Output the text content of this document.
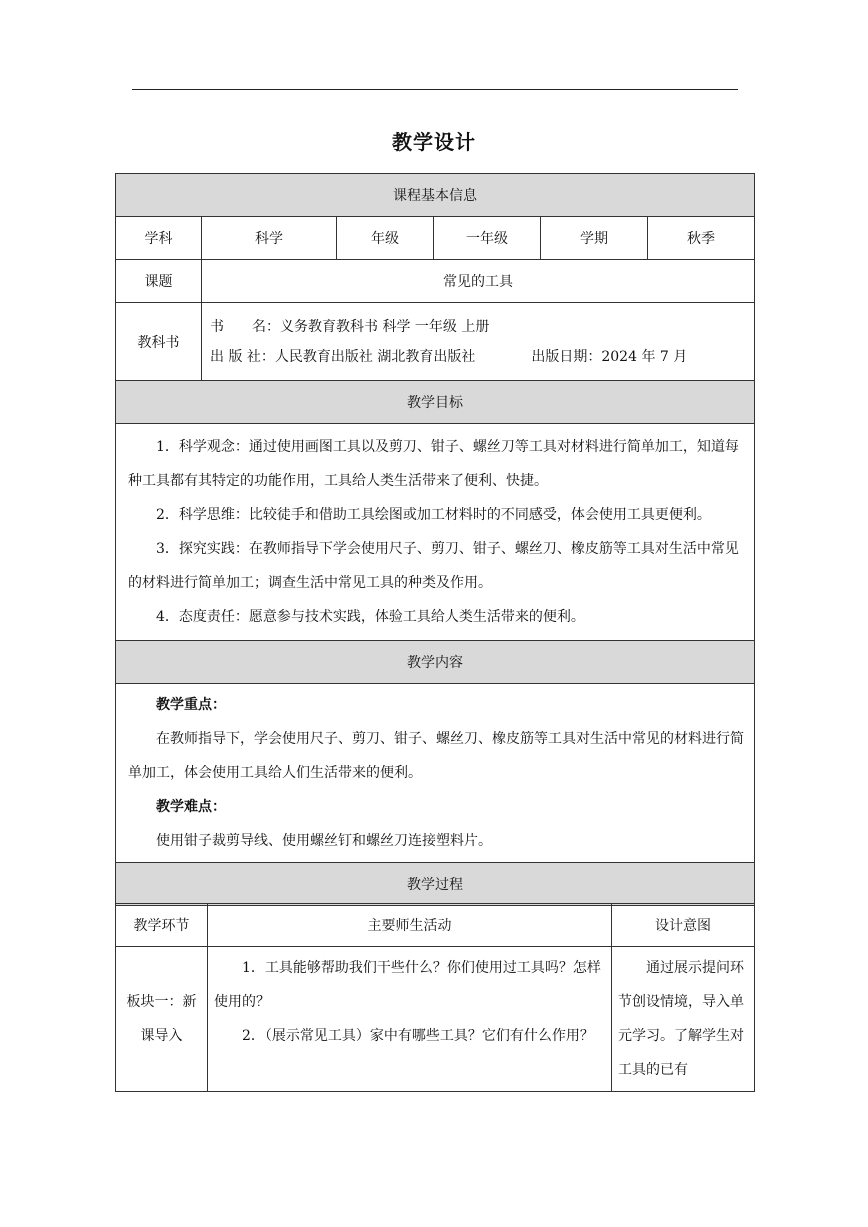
教学设计
课程基本信息					
学科	科学	年级	一年级	学期	秋季
课题	常见的工具				
教科书	书　　名：义务教育教科书 科学 一年级 上册

出 版 社：人民教育出版社 湖北教育出版社 出版日期：2024 年 7 月				

教学目标					

1．科学观念：通过使用画图工具以及剪刀、钳子、螺丝刀等工具对材料进行简单加工，知道每种工具都有其特定的功能作用，工具给人类生活带来了便利、快捷。

2．科学思维：比较徒手和借助工具绘图或加工材料时的不同感受，体会使用工具更便利。

3．探究实践：在教师指导下学会使用尺子、剪刀、钳子、螺丝刀、橡皮筋等工具对生活中常见的材料进行简单加工；调查生活中常见工具的种类及作用。

4．态度责任：愿意参与技术实践，体验工具给人类生活带来的便利。					

教学内容					

教学重点：

在教师指导下，学会使用尺子、剪刀、钳子、螺丝刀、橡皮筋等工具对生活中常见的材料进行简单加工，体会使用工具给人们生活带来的便利。

教学难点：

使用钳子裁剪导线、使用螺丝钉和螺丝刀连接塑料片。					

教学过程					
教学环节	主要师生活动	设计意图

板块一：新课导入	1．工具能够帮助我们干些什么？你们使用过工具吗？怎样使用的？

2．（展示常见工具）家中有哪些工具？它们有什么作用？	通过展示提问环节创设情境，导入单元学习。了解学生对工具的已有
